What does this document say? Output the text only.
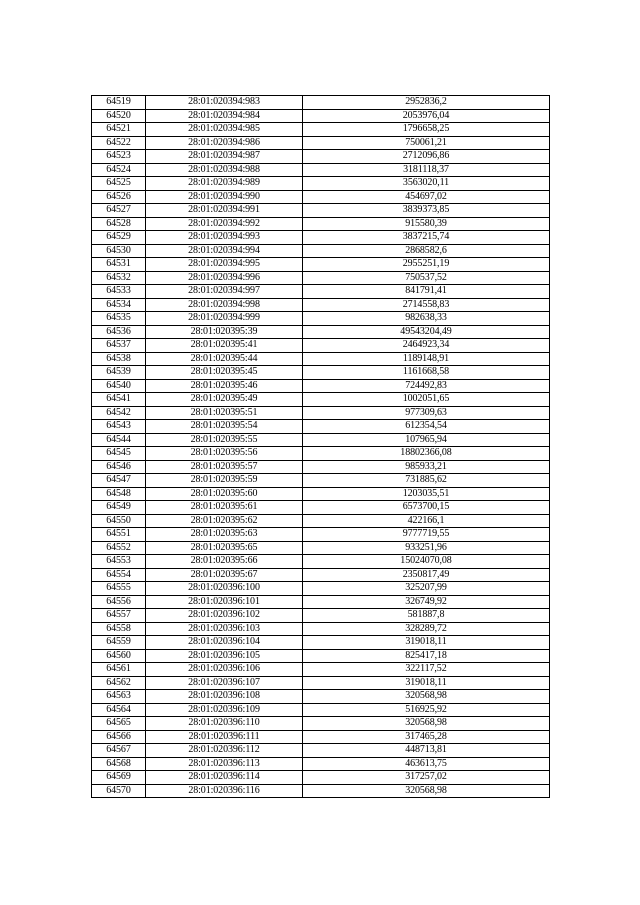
64519	28:01:020394:983	2952836,2
64520	28:01:020394:984	2053976,04
64521	28:01:020394:985	1796658,25
64522	28:01:020394:986	750061,21
64523	28:01:020394:987	2712096,86
64524	28:01:020394:988	3181118,37
64525	28:01:020394:989	3563020,11
64526	28:01:020394:990	454697,02
64527	28:01:020394:991	3839373,85
64528	28:01:020394:992	915580,39
64529	28:01:020394:993	3837215,74
64530	28:01:020394:994	2868582,6
64531	28:01:020394:995	2955251,19
64532	28:01:020394:996	750537,52
64533	28:01:020394:997	841791,41
64534	28:01:020394:998	2714558,83
64535	28:01:020394:999	982638,33
64536	28:01:020395:39	49543204,49
64537	28:01:020395:41	2464923,34
64538	28:01:020395:44	1189148,91
64539	28:01:020395:45	1161668,58
64540	28:01:020395:46	724492,83
64541	28:01:020395:49	1002051,65
64542	28:01:020395:51	977309,63
64543	28:01:020395:54	612354,54
64544	28:01:020395:55	107965,94
64545	28:01:020395:56	18802366,08
64546	28:01:020395:57	985933,21
64547	28:01:020395:59	731885,62
64548	28:01:020395:60	1203035,51
64549	28:01:020395:61	6573700,15
64550	28:01:020395:62	422166,1
64551	28:01:020395:63	9777719,55
64552	28:01:020395:65	933251,96
64553	28:01:020395:66	15024070,08
64554	28:01:020395:67	2350817,49
64555	28:01:020396:100	325207,99
64556	28:01:020396:101	326749,92
64557	28:01:020396:102	581887,8
64558	28:01:020396:103	328289,72
64559	28:01:020396:104	319018,11
64560	28:01:020396:105	825417,18
64561	28:01:020396:106	322117,52
64562	28:01:020396:107	319018,11
64563	28:01:020396:108	320568,98
64564	28:01:020396:109	516925,92
64565	28:01:020396:110	320568,98
64566	28:01:020396:111	317465,28
64567	28:01:020396:112	448713,81
64568	28:01:020396:113	463613,75
64569	28:01:020396:114	317257,02
64570	28:01:020396:116	320568,98
